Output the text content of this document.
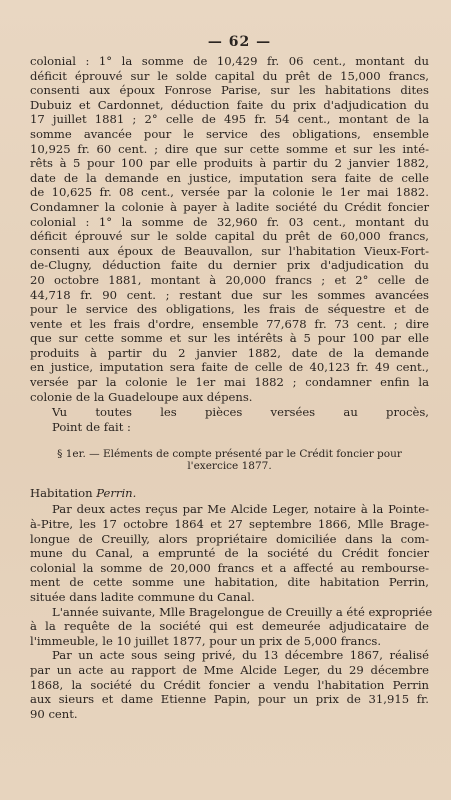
— 62 —
colonial : 1° la somme de 10,429 fr. 06 cent., montant du
déficit éprouvé sur le solde capital du prêt de 15,000 francs,
consenti aux époux Fonrose Parise, sur les habitations dites
Dubuiz et Cardonnet, déduction faite du prix d'adjudication du
17 juillet 1881 ; 2° celle de 495 fr. 54 cent., montant de la
somme avancée pour le service des obligations, ensemble
10,925 fr. 60 cent. ; dire que sur cette somme et sur les inté-
rêts à 5 pour 100 par elle produits à partir du 2 janvier 1882,
date de la demande en justice, imputation sera faite de celle
de 10,625 fr. 08 cent., versée par la colonie le 1er mai 1882.
Condamner la colonie à payer à ladite société du Crédit foncier
colonial : 1° la somme de 32,960 fr. 03 cent., montant du
déficit éprouvé sur le solde capital du prêt de 60,000 francs,
consenti aux époux de Beauvallon, sur l'habitation Vieux-Fort-
de-Clugny, déduction faite du dernier prix d'adjudication du
20 octobre 1881, montant à 20,000 francs ; et 2° celle de
44,718 fr. 90 cent. ; restant due sur les sommes avancées
pour le service des obligations, les frais de séquestre et de
vente et les frais d'ordre, ensemble 77,678 fr. 73 cent. ; dire
que sur cette somme et sur les intérêts à 5 pour 100 par elle
produits à partir du 2 janvier 1882, date de la demande
en justice, imputation sera faite de celle de 40,123 fr. 49 cent.,
versée par la colonie le 1er mai 1882 ; condamner enfin la
colonie de la Guadeloupe aux dépens.
Vu toutes les pièces versées au procès,
Point de fait :
§ 1er. — Eléments de compte présenté par le Crédit foncier pour
l'exercice 1877.
Habitation Perrin.
Par deux actes reçus par Me Alcide Leger, notaire à la Pointe-
à-Pitre, les 17 octobre 1864 et 27 septembre 1866, Mlle Brage-
longue de Creuilly, alors propriétaire domiciliée dans la com-
mune du Canal, a emprunté de la société du Crédit foncier
colonial la somme de 20,000 francs et a affecté au rembourse-
ment de cette somme une habitation, dite habitation Perrin,
située dans ladite commune du Canal.
L'année suivante, Mlle Bragelongue de Creuilly a été expropriée
à la requête de la société qui est demeurée adjudicataire de
l'immeuble, le 10 juillet 1877, pour un prix de 5,000 francs.
Par un acte sous seing privé, du 13 décembre 1867, réalisé
par un acte au rapport de Mme Alcide Leger, du 29 décembre
1868, la société du Crédit foncier a vendu l'habitation Perrin
aux sieurs et dame Etienne Papin, pour un prix de 31,915 fr.
90 cent.
